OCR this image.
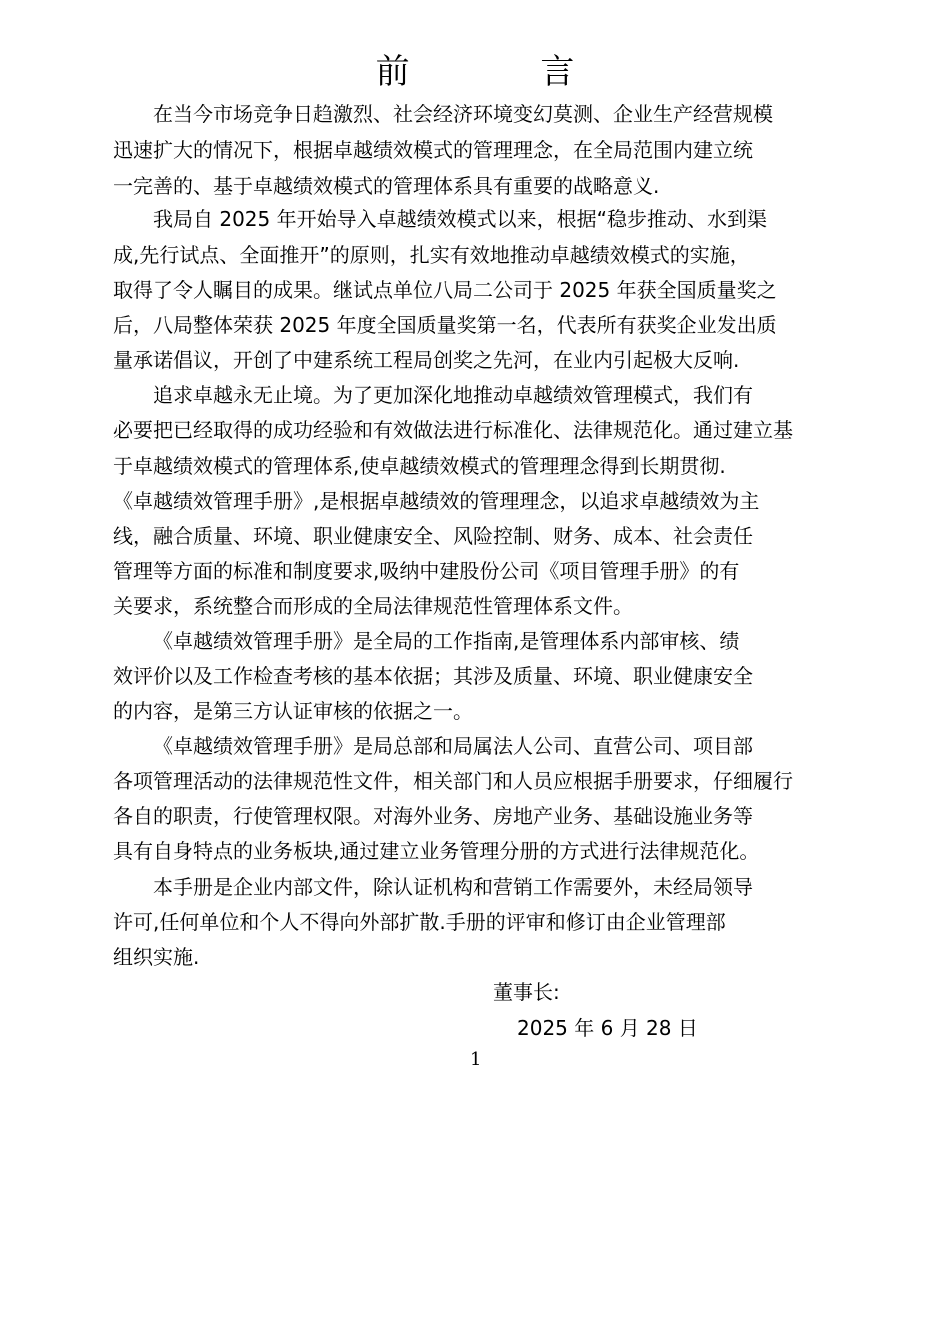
前 言
在当今市场竞争日趋激烈、社会经济环境变幻莫测、企业生产经营规模
迅速扩大的情况下，根据卓越绩效模式的管理理念，在全局范围内建立统
一完善的、基于卓越绩效模式的管理体系具有重要的战略意义.
我局自 2025 年开始导入卓越绩效模式以来，根据“稳步推动、水到渠
成,先行试点、全面推开”的原则，扎实有效地推动卓越绩效模式的实施，
取得了令人瞩目的成果。继试点单位八局二公司于 2025 年获全国质量奖之
后，八局整体荣获 2025 年度全国质量奖第一名，代表所有获奖企业发出质
量承诺倡议，开创了中建系统工程局创奖之先河，在业内引起极大反响.
追求卓越永无止境。为了更加深化地推动卓越绩效管理模式，我们有
必要把已经取得的成功经验和有效做法进行标准化、法律规范化。通过建立基
于卓越绩效模式的管理体系,使卓越绩效模式的管理理念得到长期贯彻.
《卓越绩效管理手册》,是根据卓越绩效的管理理念，以追求卓越绩效为主
线，融合质量、环境、职业健康安全、风险控制、财务、成本、社会责任
管理等方面的标准和制度要求,吸纳中建股份公司《项目管理手册》的有
关要求，系统整合而形成的全局法律规范性管理体系文件。
《卓越绩效管理手册》是全局的工作指南,是管理体系内部审核、绩
效评价以及工作检查考核的基本依据；其涉及质量、环境、职业健康安全
的内容，是第三方认证审核的依据之一。
《卓越绩效管理手册》是局总部和局属法人公司、直营公司、项目部
各项管理活动的法律规范性文件，相关部门和人员应根据手册要求，仔细履行
各自的职责，行使管理权限。对海外业务、房地产业务、基础设施业务等
具有自身特点的业务板块,通过建立业务管理分册的方式进行法律规范化。
本手册是企业内部文件，除认证机构和营销工作需要外，未经局领导
许可,任何单位和个人不得向外部扩散.手册的评审和修订由企业管理部
组织实施.
董事长:
2025 年 6 月 28 日
1
